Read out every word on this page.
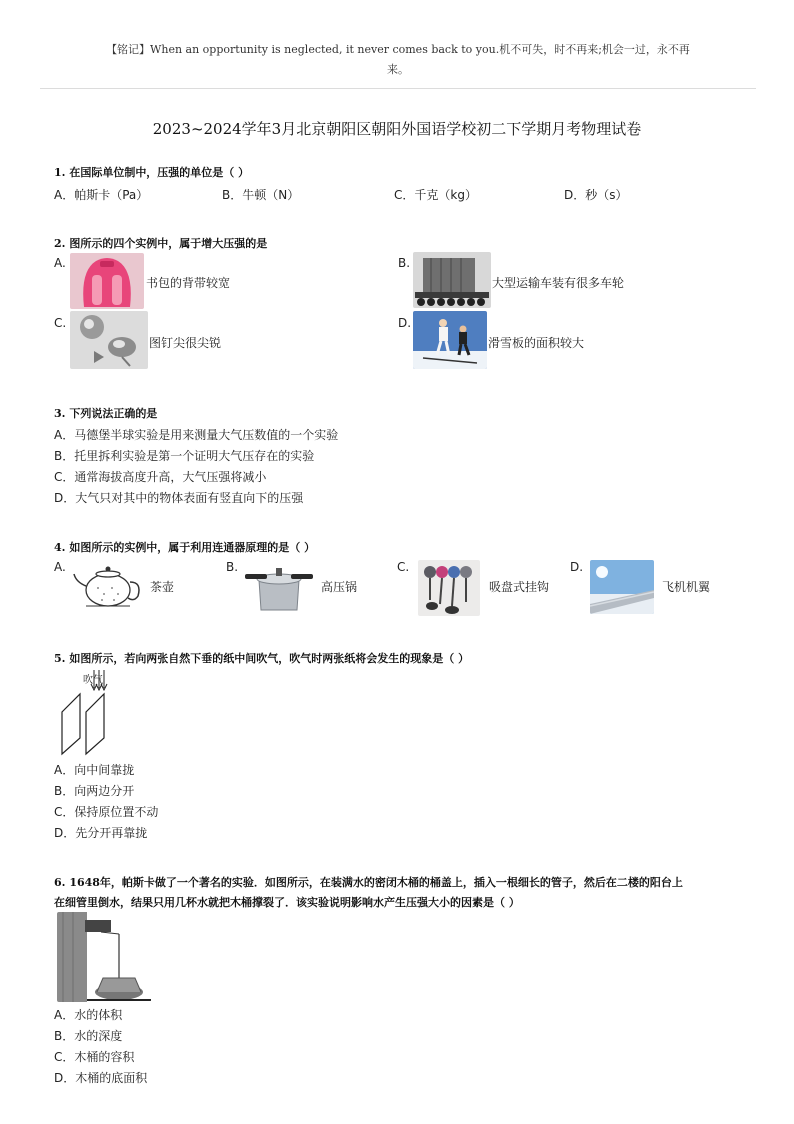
【铭记】When an opportunity is neglected, it never comes back to you.机不可失，时不再来;机会一过，永不再
来。
2023~2024学年3月北京朝阳区朝阳外国语学校初二下学期月考物理试卷
1. 在国际单位制中，压强的单位是（ ）
A．帕斯卡（Pa）	B．牛顿（N）	C．千克（kg）	D．秒（s）
2. 图所示的四个实例中，属于增大压强的是
A.
书包的背带较宽
B.
大型运输车装有很多车轮
C.
图钉尖很尖锐
D.
滑雪板的面积较大
3. 下列说法正确的是
A．马德堡半球实验是用来测量大气压数值的一个实验
B．托里拆利实验是第一个证明大气压存在的实验
C．通常海拔高度升高，大气压强将减小
D．大气只对其中的物体表面有竖直向下的压强
4. 如图所示的实例中，属于利用连通器原理的是（ ）
A.
茶壶
B.
高压锅
C.
吸盘式挂钩
D.
飞机机翼
5. 如图所示，若向两张自然下垂的纸中间吹气，吹气时两张纸将会发生的现象是（ ）
吹气
A．向中间靠拢
B．向两边分开
C．保持原位置不动
D．先分开再靠拢
6. 1648年，帕斯卡做了一个著名的实验．如图所示，在装满水的密闭木桶的桶盖上，插入一根细长的管子，然后在二楼的阳台上
在细管里倒水，结果只用几杯水就把木桶撑裂了．该实验说明影响水产生压强大小的因素是（ ）
A．水的体积
B．水的深度
C．木桶的容积
D．木桶的底面积
